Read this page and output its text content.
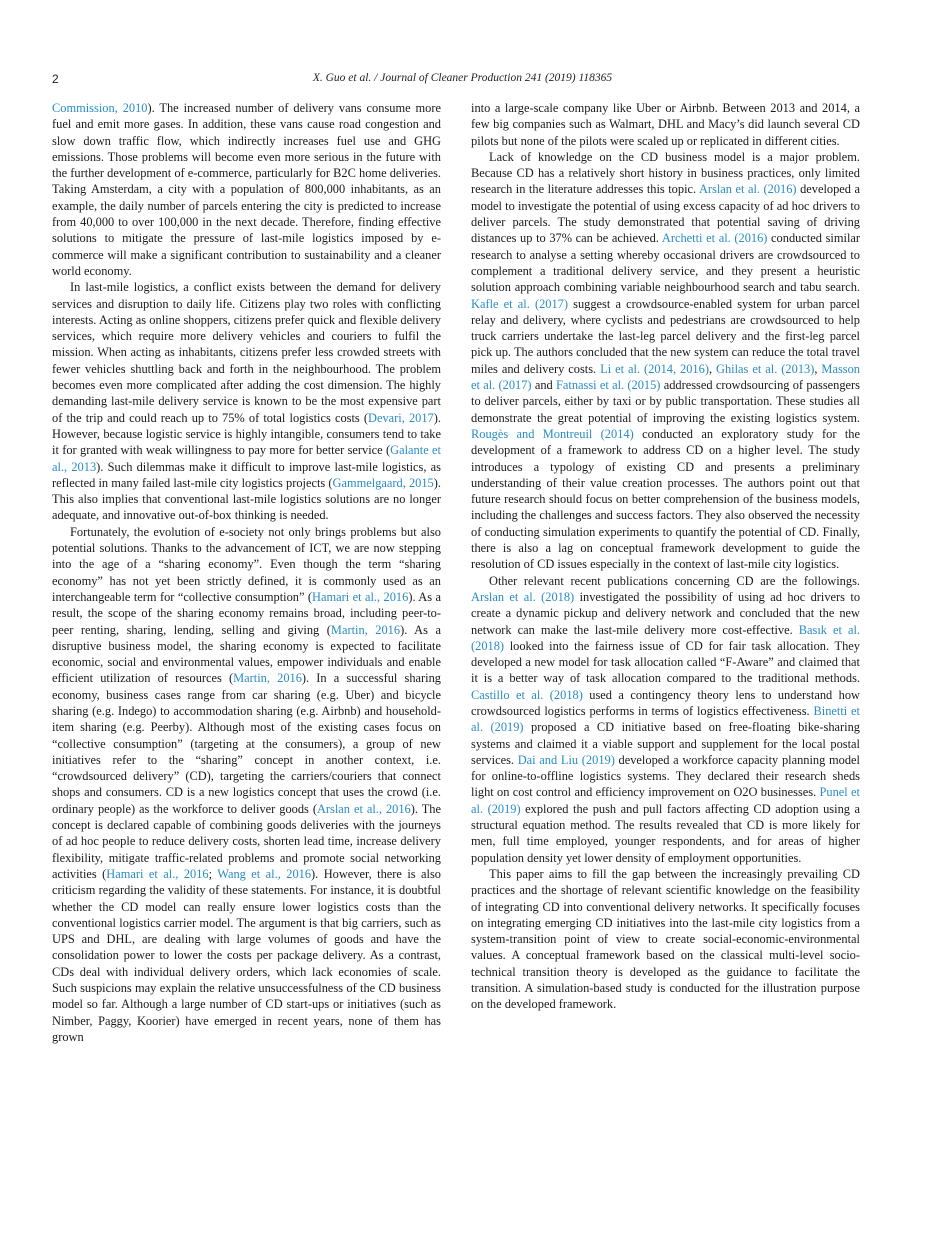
2	X. Guo et al. / Journal of Cleaner Production 241 (2019) 118365

Commission, 2010). The increased number of delivery vans consume more fuel and emit more gases. In addition, these vans cause road congestion and slow down traffic flow, which indirectly increases fuel use and GHG emissions. Those problems will become even more serious in the future with the further development of e-commerce, particularly for B2C home deliveries. Taking Amsterdam, a city with a population of 800,000 inhabitants, as an example, the daily number of parcels entering the city is predicted to increase from 40,000 to over 100,000 in the next decade. Therefore, finding effective solutions to mitigate the pressure of last-mile logistics imposed by e-commerce will make a significant contribution to sustainability and a cleaner world economy.

In last-mile logistics, a conflict exists between the demand for delivery services and disruption to daily life. Citizens play two roles with conflicting interests. Acting as online shoppers, citizens prefer quick and flexible delivery services, which require more delivery vehicles and couriers to fulfil the mission. When acting as inhabitants, citizens prefer less crowded streets with fewer vehicles shuttling back and forth in the neighbourhood. The problem becomes even more complicated after adding the cost dimension. The highly demanding last-mile delivery service is known to be the most expensive part of the trip and could reach up to 75% of total logistics costs (Devari, 2017). However, because logistic service is highly intangible, consumers tend to take it for granted with weak willingness to pay more for better service (Galante et al., 2013). Such dilemmas make it difficult to improve last-mile logistics, as reflected in many failed last-mile city logistics projects (Gammelgaard, 2015). This also implies that conventional last-mile logistics solutions are no longer adequate, and innovative out-of-box thinking is needed.

Fortunately, the evolution of e-society not only brings problems but also potential solutions. Thanks to the advancement of ICT, we are now stepping into the age of a “sharing economy”. Even though the term “sharing economy” has not yet been strictly defined, it is commonly used as an interchangeable term for “collective consumption” (Hamari et al., 2016). As a result, the scope of the sharing economy remains broad, including peer-to-peer renting, sharing, lending, selling and giving (Martin, 2016). As a disruptive business model, the sharing economy is expected to facilitate economic, social and environmental values, empower individuals and enable efficient utilization of resources (Martin, 2016). In a successful sharing economy, business cases range from car sharing (e.g. Uber) and bicycle sharing (e.g. Indego) to accommodation sharing (e.g. Airbnb) and household-item sharing (e.g. Peerby). Although most of the existing cases focus on “collective consumption” (targeting at the consumers), a group of new initiatives refer to the “sharing” concept in another context, i.e. “crowdsourced delivery” (CD), targeting the carriers/couriers that connect shops and consumers. CD is a new logistics concept that uses the crowd (i.e. ordinary people) as the workforce to deliver goods (Arslan et al., 2016). The concept is declared capable of combining goods deliveries with the journeys of ad hoc people to reduce delivery costs, shorten lead time, increase delivery flexibility, mitigate traffic-related problems and promote social networking activities (Hamari et al., 2016; Wang et al., 2016). However, there is also criticism regarding the validity of these statements. For instance, it is doubtful whether the CD model can really ensure lower logistics costs than the conventional logistics carrier model. The argument is that big carriers, such as UPS and DHL, are dealing with large volumes of goods and have the consolidation power to lower the costs per package delivery. As a contrast, CDs deal with individual delivery orders, which lack economies of scale. Such suspicions may explain the relative unsuccessfulness of the CD business model so far. Although a large number of CD start-ups or initiatives (such as Nimber, Paggy, Koorier) have emerged in recent years, none of them has grown

into a large-scale company like Uber or Airbnb. Between 2013 and 2014, a few big companies such as Walmart, DHL and Macy’s did launch several CD pilots but none of the pilots were scaled up or replicated in different cities.

Lack of knowledge on the CD business model is a major problem. Because CD has a relatively short history in business practices, only limited research in the literature addresses this topic. Arslan et al. (2016) developed a model to investigate the potential of using excess capacity of ad hoc drivers to deliver parcels. The study demonstrated that potential saving of driving distances up to 37% can be achieved. Archetti et al. (2016) conducted similar research to analyse a setting whereby occasional drivers are crowdsourced to complement a traditional delivery service, and they present a heuristic solution approach combining variable neighbourhood search and tabu search. Kafle et al. (2017) suggest a crowdsource-enabled system for urban parcel relay and delivery, where cyclists and pedestrians are crowdsourced to help truck carriers undertake the last-leg parcel delivery and the first-leg parcel pick up. The authors concluded that the new system can reduce the total travel miles and delivery costs. Li et al. (2014, 2016), Ghilas et al. (2013), Masson et al. (2017) and Fatnassi et al. (2015) addressed crowdsourcing of passengers to deliver parcels, either by taxi or by public transportation. These studies all demonstrate the great potential of improving the existing logistics system. Rougès and Montreuil (2014) conducted an exploratory study for the development of a framework to address CD on a higher level. The study introduces a typology of existing CD and presents a preliminary understanding of their value creation processes. The authors point out that future research should focus on better comprehension of the business models, including the challenges and success factors. They also observed the necessity of conducting simulation experiments to quantify the potential of CD. Finally, there is also a lag on conceptual framework development to guide the resolution of CD issues especially in the context of last-mile city logistics.

Other relevant recent publications concerning CD are the followings. Arslan et al. (2018) investigated the possibility of using ad hoc drivers to create a dynamic pickup and delivery network and concluded that the new network can make the last-mile delivery more cost-effective. Basık et al. (2018) looked into the fairness issue of CD for fair task allocation. They developed a new model for task allocation called “F-Aware” and claimed that it is a better way of task allocation compared to the traditional methods. Castillo et al. (2018) used a contingency theory lens to understand how crowdsourced logistics performs in terms of logistics effectiveness. Binetti et al. (2019) proposed a CD initiative based on free-floating bike-sharing systems and claimed it a viable support and supplement for the local postal services. Dai and Liu (2019) developed a workforce capacity planning model for online-to-offline logistics systems. They declared their research sheds light on cost control and efficiency improvement on O2O businesses. Punel et al. (2019) explored the push and pull factors affecting CD adoption using a structural equation method. The results revealed that CD is more likely for men, full time employed, younger respondents, and for areas of higher population density yet lower density of employment opportunities.

This paper aims to fill the gap between the increasingly prevailing CD practices and the shortage of relevant scientific knowledge on the feasibility of integrating CD into conventional delivery networks. It specifically focuses on integrating emerging CD initiatives into the last-mile city logistics from a system-transition point of view to create social-economic-environmental values. A conceptual framework based on the classical multi-level socio-technical transition theory is developed as the guidance to facilitate the transition. A simulation-based study is conducted for the illustration purpose on the developed framework.
